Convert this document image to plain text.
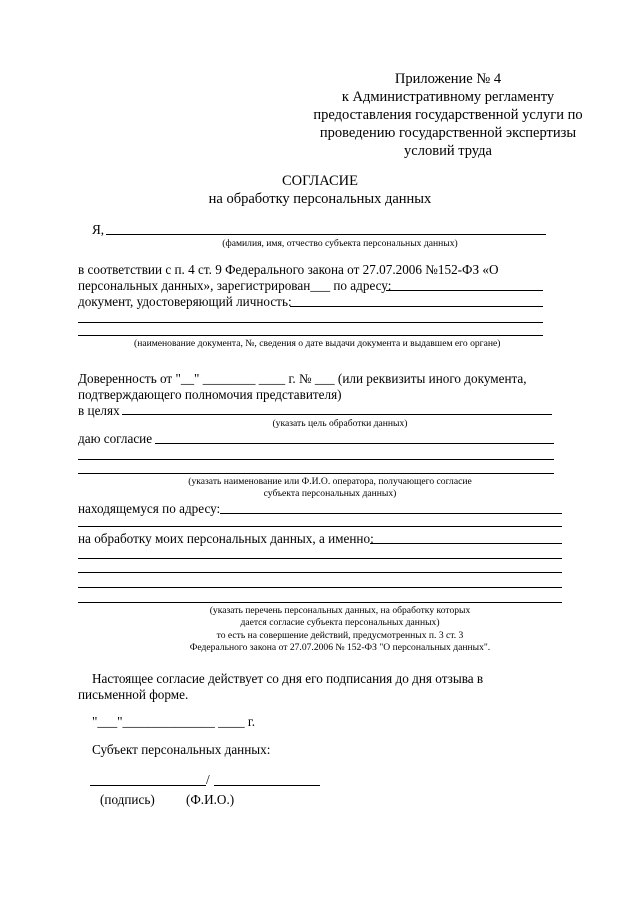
Приложение № 4
к Административному регламенту
предоставления государственной услуги по
проведению государственной экспертизы
условий труда
СОГЛАСИЕ
на обработку персональных данных
Я,
(фамилия, имя, отчество субъекта персональных данных)
в соответствии с п. 4 ст. 9 Федерального закона от 27.07.2006 №152-ФЗ «О
персональных данных», зарегистрирован___ по адресу:
документ, удостоверяющий личность:
(наименование документа, №, сведения о дате выдачи документа и выдавшем его органе)
Доверенность от "__" ________ ____ г. № ___ (или реквизиты иного документа,
подтверждающего полномочия представителя)
в целях
(указать цель обработки данных)
даю согласие
(указать наименование или Ф.И.О. оператора, получающего согласие
субъекта персональных данных)
находящемуся по адресу:
на обработку моих персональных данных, а именно:
(указать перечень персональных данных, на обработку которых
дается согласие субъекта персональных данных)
то есть на совершение действий, предусмотренных п. 3 ст. 3
Федерального закона от 27.07.2006 № 152-ФЗ "О персональных данных".
Настоящее согласие действует со дня его подписания до дня отзыва в
письменной форме.
"___"______________ ____ г.
Субъект персональных данных:
/
(подпись) (Ф.И.О.)
